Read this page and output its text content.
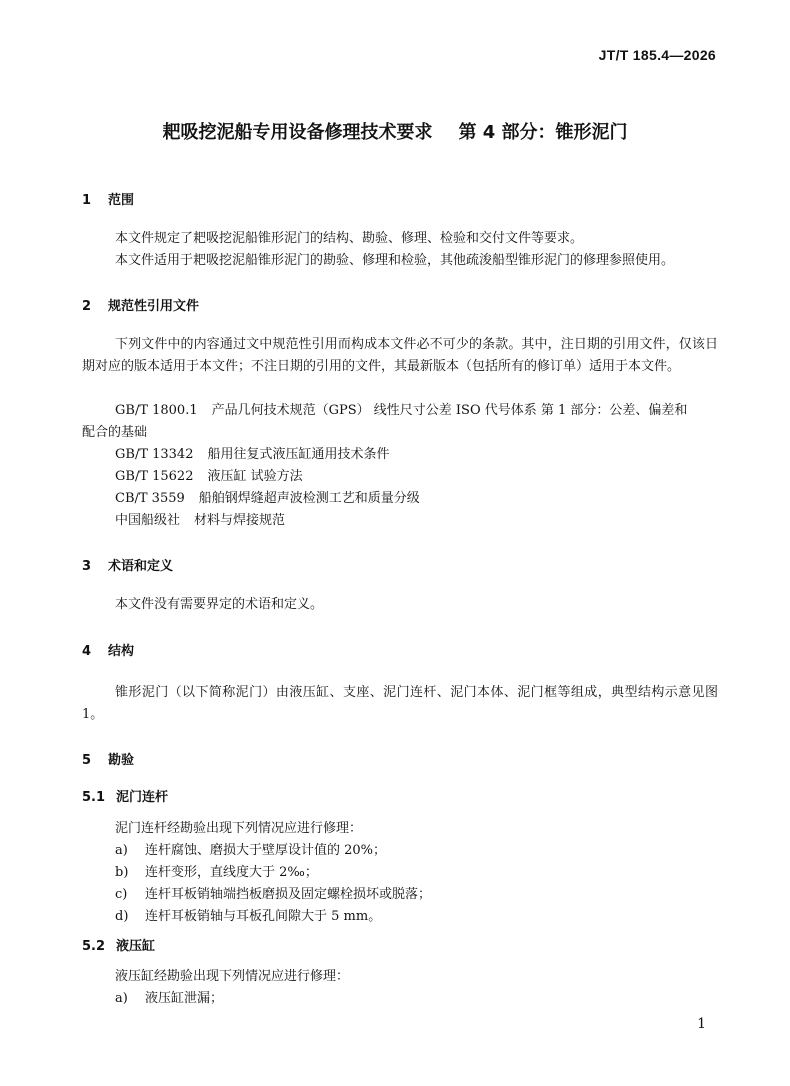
JT/T 185.4—2026
耙吸挖泥船专用设备修理技术要求 第 4 部分：锥形泥门
1 范围
本文件规定了耙吸挖泥船锥形泥门的结构、勘验、修理、检验和交付文件等要求。
本文件适用于耙吸挖泥船锥形泥门的勘验、修理和检验，其他疏浚船型锥形泥门的修理参照使用。
2 规范性引用文件
下列文件中的内容通过文中规范性引用而构成本文件必不可少的条款。其中，注日期的引用文件，仅该日期对应的版本适用于本文件；不注日期的引用的文件，其最新版本（包括所有的修订单）适用于本文件。
GB/T 1800.1 产品几何技术规范（GPS） 线性尺寸公差 ISO 代号体系 第 1 部分：公差、偏差和
配合的基础
GB/T 13342 船用往复式液压缸通用技术条件
GB/T 15622 液压缸 试验方法
CB/T 3559 船舶钢焊缝超声波检测工艺和质量分级
中国船级社 材料与焊接规范
3 术语和定义
本文件没有需要界定的术语和定义。
4 结构
锥形泥门（以下简称泥门）由液压缸、支座、泥门连杆、泥门本体、泥门框等组成，典型结构示意见图 1。
5 勘验
5.1 泥门连杆
泥门连杆经勘验出现下列情况应进行修理：
a) 连杆腐蚀、磨损大于壁厚设计值的 20%；
b) 连杆变形，直线度大于 2‰；
c) 连杆耳板销轴端挡板磨损及固定螺栓损坏或脱落；
d) 连杆耳板销轴与耳板孔间隙大于 5 mm。
5.2 液压缸
液压缸经勘验出现下列情况应进行修理：
a) 液压缸泄漏；
1
